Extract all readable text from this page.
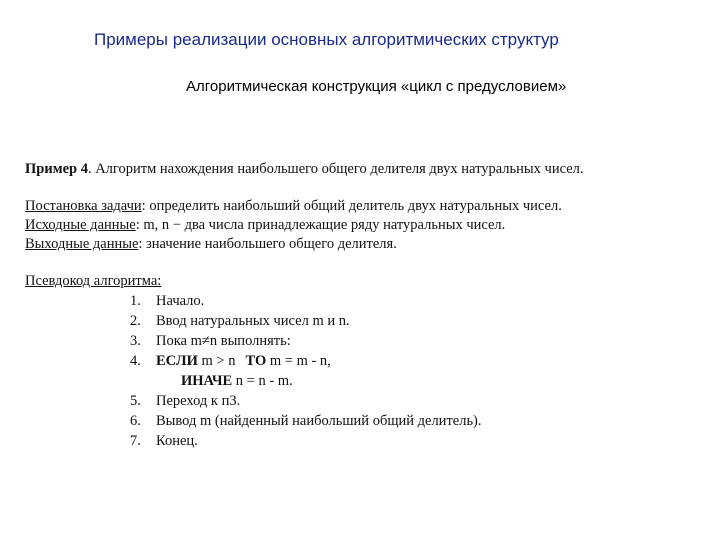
Примеры реализации основных алгоритмических структур
Алгоритмическая конструкция «цикл с предусловием»
Пример 4. Алгоритм нахождения наибольшего общего делителя двух натуральных чисел.
Постановка задачи: определить наибольший общий делитель двух натуральных чисел.
Исходные данные: m, n − два числа принадлежащие ряду натуральных чисел.
Выходные данные: значение наибольшего общего делителя.
Псевдокод алгоритма:
1. Начало.
2. Ввод натуральных чисел m и n.
3. Пока m≠n выполнять:
4. ЕСЛИ m > n ТО m = m - n,
ИНАЧЕ n = n - m.
5. Переход к п3.
6. Вывод m (найденный наибольший общий делитель).
7. Конец.
